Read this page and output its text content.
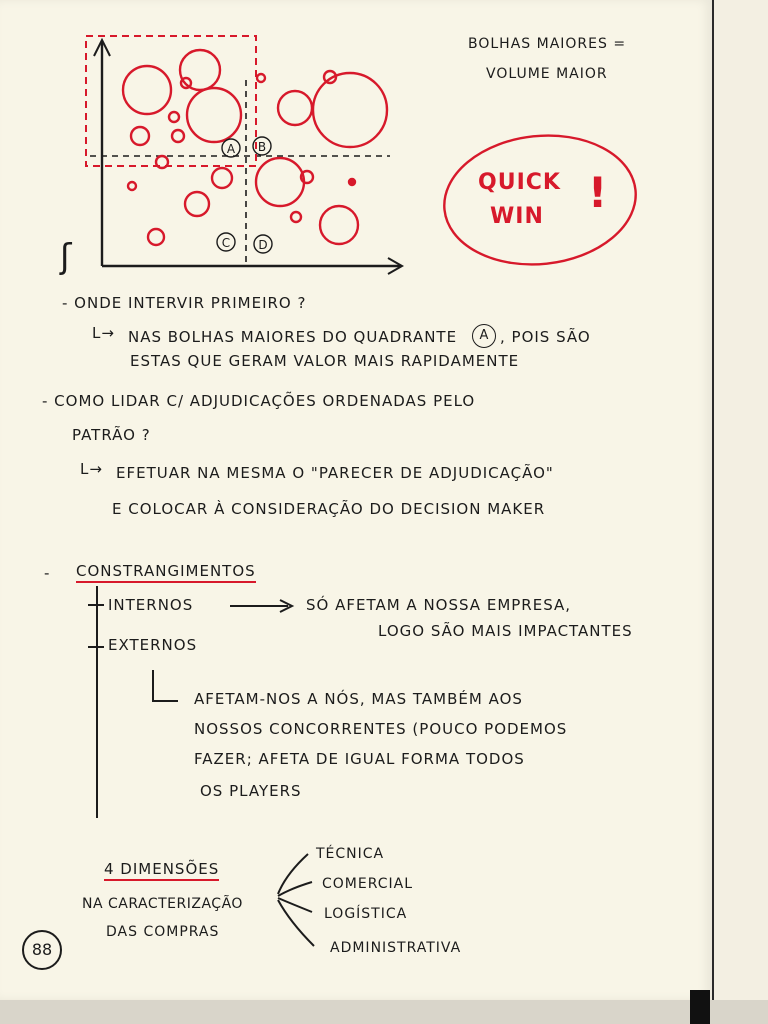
ʃ
A B
C D
BOLHAS MAIORES =
VOLUME MAIOR
QUICK
WIN !
- ONDE INTERVIR PRIMEIRO ?
L→ NAS BOLHAS MAIORES DO QUADRANTE	A , POIS SÃO
ESTAS QUE GERAM VALOR MAIS RAPIDAMENTE
- COMO LIDAR C/ ADJUDICAÇÕES ORDENADAS PELO
PATRÃO ?
L→ EFETUAR NA MESMA O "PARECER DE ADJUDICAÇÃO"
E COLOCAR À CONSIDERAÇÃO DO DECISION MAKER
- CONSTRANGIMENTOS
INTERNOS	SÓ AFETAM A NOSSA EMPRESA,
LOGO SÃO MAIS IMPACTANTES
EXTERNOS
AFETAM-NOS A NÓS, MAS TAMBÉM AOS
NOSSOS CONCORRENTES (POUCO PODEMOS
FAZER; AFETA DE IGUAL FORMA TODOS
OS PLAYERS
4 DIMENSÕES
NA CARACTERIZAÇÃO
DAS COMPRAS
TÉCNICA
COMERCIAL
LOGÍSTICA
ADMINISTRATIVA
88
